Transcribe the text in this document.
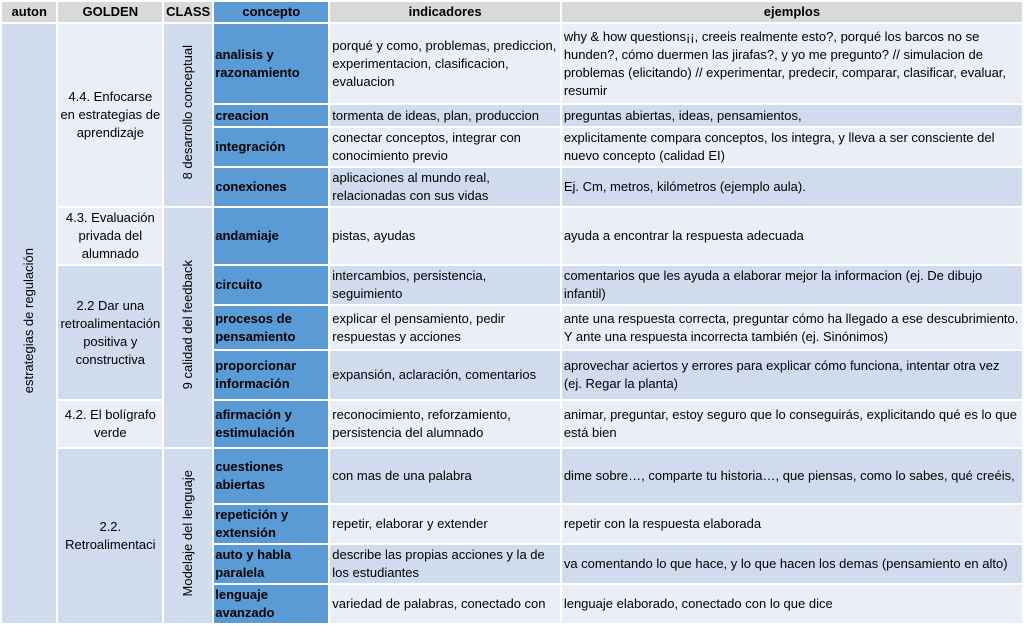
auton	GOLDEN	CLASS	concepto	indicadores	ejemplos
estrategias de regulación	4.4. Enfocarse en estrategias de aprendizaje	8 desarrollo conceptual	analisis y razonamiento	porqué y como, problemas, prediccion, experimentacion, clasificacion, evaluacion	why & how questions¡¡, creeis realmente esto?, porqué los barcos no se hunden?, cómo duermen las jirafas?, y yo me pregunto? // simulacion de problemas (elicitando) // experimentar, predecir, comparar, clasificar, evaluar, resumir
			creacion	tormenta de ideas, plan, produccion	preguntas abiertas, ideas, pensamientos,
			integración	conectar conceptos, integrar con conocimiento previo	explicitamente compara conceptos, los integra, y lleva a ser consciente del nuevo concepto (calidad EI)
			conexiones	aplicaciones al mundo real, relacionadas con sus vidas	Ej. Cm, metros, kilómetros (ejemplo aula).
	4.3. Evaluación privada del alumnado	9 calidad del feedback	andamiaje	pistas, ayudas	ayuda a encontrar la respuesta adecuada
	2.2 Dar una retroalimentación positiva y constructiva		circuito	intercambios, persistencia, seguimiento	comentarios que les ayuda a elaborar mejor la informacion (ej. De dibujo infantil)
			procesos de pensamiento	explicar el pensamiento, pedir respuestas y acciones	ante una respuesta correcta, preguntar cómo ha llegado a ese descubrimiento. Y ante una respuesta incorrecta también (ej. Sinónimos)
			proporcionar información	expansión, aclaración, comentarios	aprovechar aciertos y errores para explicar cómo funciona, intentar otra vez (ej. Regar la planta)
	4.2. El bolígrafo verde		afirmación y estimulación	reconocimiento, reforzamiento, persistencia del alumnado	animar, preguntar, estoy seguro que lo conseguirás, explicitando qué es lo que está bien
	2.2. Retroalimentaci	Modelaje del lenguaje	cuestiones abiertas	con mas de una palabra	dime sobre…, comparte tu historia…, que piensas, como lo sabes, qué creéis,
			repetición y extensión	repetir, elaborar y extender	repetir con la respuesta elaborada
			auto y habla paralela	describe las propias acciones y la de los estudiantes	va comentando lo que hace, y lo que hacen los demas (pensamiento en alto)
			lenguaje avanzado	variedad de palabras, conectado con	lenguaje elaborado, conectado con lo que dice
